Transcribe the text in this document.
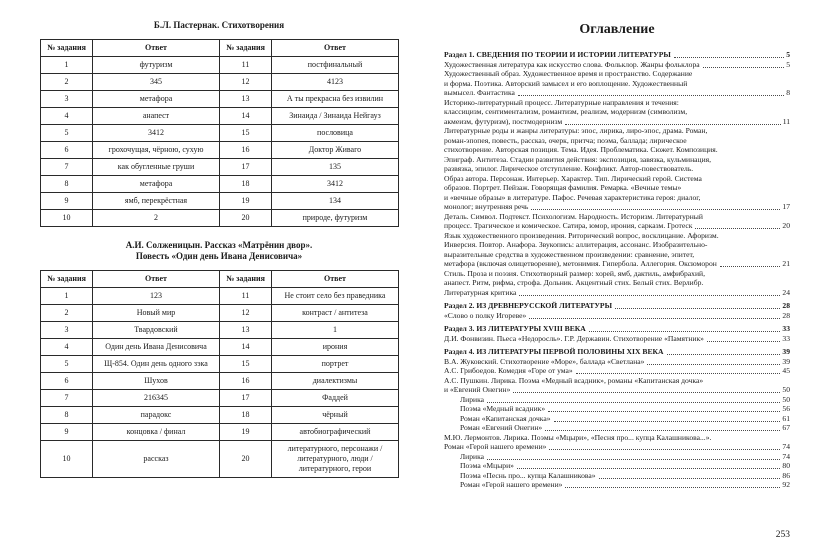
Б.Л. Пастернак. Стихотворения
№ задания	Ответ	№ задания	Ответ
1	футуризм	11	постфинальный
2	345	12	4123
3	метафора	13	А ты прекрасна без извилин
4	анапест	14	Зинаида / Зинаида Нейгауз
5	3412	15	пословица
6	грохочущая, чёрною, сухую	16	Доктор Живаго
7	как обугленные груши	17	135
8	метафора	18	3412
9	ямб, перекрёстная	19	134
10	2	20	природе, футуризм
А.И. Солженицын. Рассказ «Матрёнин двор».
Повесть «Один день Ивана Денисовича»
№ задания	Ответ	№ задания	Ответ
1	123	11	Не стоит село без праведника
2	Новый мир	12	контраст / антитеза
3	Твардовский	13	1
4	Один день Ивана Денисовича	14	ирония
5	Щ-854. Один день одного зэка	15	портрет
6	Шухов	16	диалектизмы
7	216345	17	Фаддей
8	парадокс	18	чёрный
9	концовка / финал	19	автобиографический
10	рассказ	20	литературного, персонажи / литературного, люди / литературного, герои
Оглавление
Раздел 1. СВЕДЕНИЯ ПО ТЕОРИИ И ИСТОРИИ ЛИТЕРАТУРЫ	5
Художественная литература как искусство слова. Фольклор. Жанры фольклора	5
Художественный образ. Художественное время и пространство. Содержание
и форма. Поэтика. Авторский замысел и его воплощение. Художественный
вымысел. Фантастика	8
Историко-литературный процесс. Литературные направления и течения:
классицизм, сентиментализм, романтизм, реализм, модернизм (символизм,
акмеизм, футуризм), постмодернизм	11
Литературные роды и жанры литературы: эпос, лирика, лиро-эпос, драма. Роман,
роман-эпопея, повесть, рассказ, очерк, притча; поэма, баллада; лирическое
стихотворение. Авторская позиция. Тема. Идея. Проблематика. Сюжет. Композиция.
Эпиграф. Антитеза. Стадии развития действия: экспозиция, завязка, кульминация,
развязка, эпилог. Лирическое отступление. Конфликт. Автор-повествователь.
Образ автора. Персонаж. Интерьер. Характер. Тип. Лирический герой. Система
образов. Портрет. Пейзаж. Говорящая фамилия. Ремарка. «Вечные темы»
и «вечные образы» в литературе. Пафос. Речевая характеристика героя: диалог,
монолог; внутренняя речь	17
Деталь. Символ. Подтекст. Психологизм. Народность. Историзм. Литературный
процесс. Трагическое и комическое. Сатира, юмор, ирония, сарказм. Гротеск	20
Язык художественного произведения. Риторический вопрос, восклицание. Афоризм.
Инверсия. Повтор. Анафора. Звукопись: аллитерация, ассонанс. Изобразительно-
выразительные средства в художественном произведении: сравнение, эпитет,
метафора (включая олицетворение), метонимия. Гипербола. Аллегория. Оксюморон	21
Стиль. Проза и поэзия. Стихотворный размер: хорей, ямб, дактиль, амфибрахий,
анапест. Ритм, рифма, строфа. Дольник. Акцентный стих. Белый стих. Верлибр.
Литературная критика	24
Раздел 2. ИЗ ДРЕВНЕРУССКОЙ ЛИТЕРАТУРЫ	28
«Слово о полку Игореве»	28
Раздел 3. ИЗ ЛИТЕРАТУРЫ XVIII ВЕКА	33
Д.И. Фонвизин. Пьеса «Недоросль». Г.Р. Державин. Стихотворение «Памятник»	33
Раздел 4. ИЗ ЛИТЕРАТУРЫ ПЕРВОЙ ПОЛОВИНЫ XIX ВЕКА	39
В.А. Жуковский. Стихотворение «Море», баллада «Светлана»	39
А.С. Грибоедов. Комедия «Горе от ума»	45
А.С. Пушкин. Лирика. Поэма «Медный всадник», романы «Капитанская дочка»
и «Евгений Онегин»	50
Лирика	50
Поэма «Медный всадник»	56
Роман «Капитанская дочка»	61
Роман «Евгений Онегин»	67
М.Ю. Лермонтов. Лирика. Поэмы «Мцыри», «Песня про... купца Калашникова...».
Роман «Герой нашего времени»	74
Лирика	74
Поэма «Мцыри»	80
Поэма «Песнь про... купца Калашникова»	86
Роман «Герой нашего времени»	92
253
